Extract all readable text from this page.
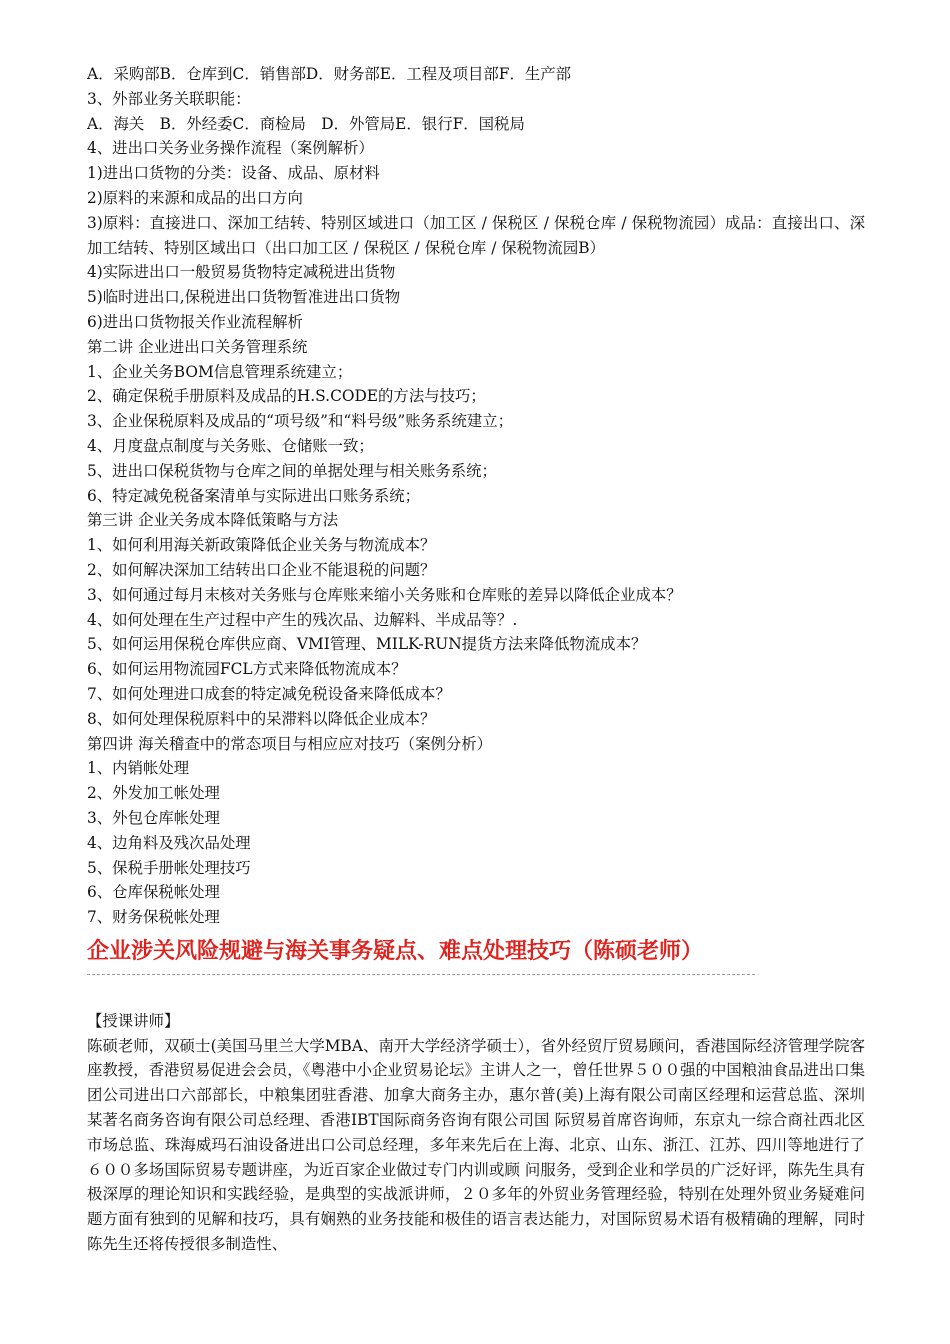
A．采购部B．仓库到C．销售部D．财务部E．工程及项目部F．生产部
3、外部业务关联职能：
A．海关　B．外经委C．商检局　D．外管局E．银行F．国税局
4、进出口关务业务操作流程（案例解析）
1)进出口货物的分类：设备、成品、原材料
2)原料的来源和成品的出口方向
3)原料：直接进口、深加工结转、特别区域进口（加工区 / 保税区 / 保税仓库 / 保税物流园）成品：直接出口、深加工结转、特别区域出口（出口加工区 / 保税区 / 保税仓库 / 保税物流园B）
4)实际进出口一般贸易货物特定减税进出货物
5)临时进出口,保税进出口货物暂准进出口货物
6)进出口货物报关作业流程解析
第二讲 企业进出口关务管理系统
1、企业关务BOM信息管理系统建立；
2、确定保税手册原料及成品的H.S.CODE的方法与技巧；
3、企业保税原料及成品的“项号级”和“料号级”账务系统建立；
4、月度盘点制度与关务账、仓储账一致；
5、进出口保税货物与仓库之间的单据处理与相关账务系统；
6、特定减免税备案清单与实际进出口账务系统；
第三讲 企业关务成本降低策略与方法
1、如何利用海关新政策降低企业关务与物流成本？
2、如何解决深加工结转出口企业不能退税的问题？
3、如何通过每月末核对关务账与仓库账来缩小关务账和仓库账的差异以降低企业成本？
4、如何处理在生产过程中产生的残次品、边解料、半成品等？.
5、如何运用保税仓库供应商、VMI管理、MILK-RUN提货方法来降低物流成本？
6、如何运用物流园FCL方式来降低物流成本？
7、如何处理进口成套的特定减免税设备来降低成本？
8、如何处理保税原料中的呆滞料以降低企业成本？
第四讲 海关稽查中的常态项目与相应应对技巧（案例分析）
1、内销帐处理
2、外发加工帐处理
3、外包仓库帐处理
4、边角料及残次品处理
5、保税手册帐处理技巧
6、仓库保税帐处理
7、财务保税帐处理
企业涉关风险规避与海关事务疑点、难点处理技巧（陈硕老师）
【授课讲师】
陈硕老师，双硕士(美国马里兰大学MBA、南开大学经济学硕士），省外经贸厅贸易顾问，香港国际经济管理学院客座教授，香港贸易促进会会员，《粤港中小企业贸易论坛》主讲人之一，曾任世界５００强的中国粮油食品进出口集团公司进出口六部部长，中粮集团驻香港、加拿大商务主办，惠尔普(美)上海有限公司南区经理和运营总监、深圳某著名商务咨询有限公司总经理、香港IBT国际商务咨询有限公司国 际贸易首席咨询师，东京丸一综合商社西北区市场总监、珠海威玛石油设备进出口公司总经理，多年来先后在上海、北京、山东、浙江、江苏、四川等地进行了６００多场国际贸易专题讲座，为近百家企业做过专门内训或顾 问服务，受到企业和学员的广泛好评，陈先生具有极深厚的理论知识和实践经验，是典型的实战派讲师，２０多年的外贸业务管理经验，特别在处理外贸业务疑难问题方面有独到的见解和技巧，具有娴熟的业务技能和极佳的语言表达能力，对国际贸易术语有极精确的理解，同时陈先生还将传授很多制造性、
